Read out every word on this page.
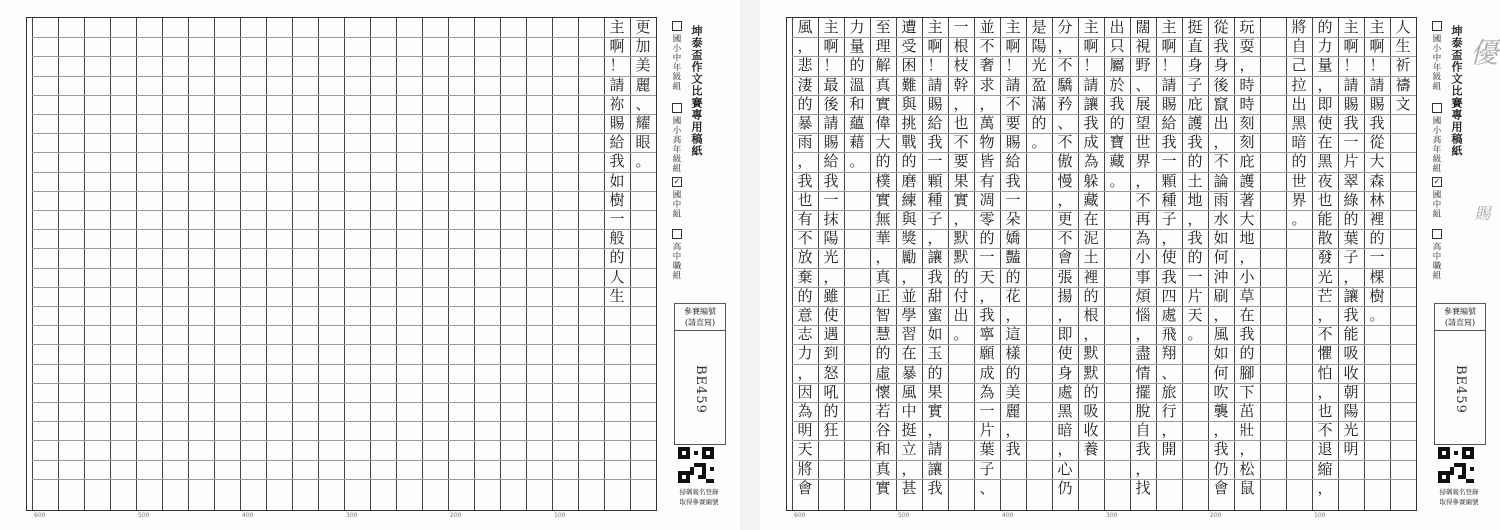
更
加
美
麗
、
耀
眼
。
主
啊
！
請
祢
賜
給
我
如
樹
一
般
的
人
生
坤泰盃作文比賽專用稿紙
國小中年級組
國小高年級組
✓
國中組
高中職組
參賽編號
(請直寫)
BE459
掃碼報名登錄
取得參賽編號
600	500	400	300	200	100
人
生
祈
禱
文
主
啊
！
請
賜
我
從
大
森
林
裡
的
一
棵
樹
。
主
啊
！
請
賜
我
一
片
翠
綠
的
葉
子
，
讓
我
能
吸
收
朝
陽
光
明
的
力
量
，
即
使
在
黑
夜
也
能
散
發
光
芒
，
不
懼
怕
，
也
不
退
縮
，
將
自
己
拉
出
黑
暗
的
世
界
。
玩
耍
，
時
時
刻
刻
庇
護
著
大
地
，
小
草
在
我
的
腳
下
茁
壯
，
松
鼠
從
我
身
後
竄
出
，
不
論
雨
水
如
何
沖
刷
，
風
如
何
吹
襲
，
我
仍
會
挺
直
身
子
庇
護
我
的
土
地
，
我
的
一
片
天
。
主
啊
！
請
賜
給
我
一
顆
種
子
，
使
我
四
處
飛
翔
、
旅
行
，
開
闊
視
野
、
展
望
世
界
，
不
再
為
小
事
煩
惱
，
盡
情
擺
脫
自
我
，
找
出
只
屬
於
我
的
寶
藏
。
主
啊
！
請
讓
我
成
為
躲
藏
在
泥
土
裡
的
根
，
默
默
的
吸
收
養
分
，
不
驕
矜
、
不
傲
慢
，
更
不
會
張
揚
，
即
使
身
處
黑
暗
，
心
仍
是
陽
光
盈
滿
的
。
主
啊
！
請
不
要
賜
給
我
一
朵
嬌
豔
的
花
，
這
樣
的
美
麗
，
我
並
不
奢
求
，
萬
物
皆
有
凋
零
的
一
天
，
我
寧
願
成
為
一
片
葉
子
、
一
根
枝
幹
，
也
不
要
果
實
，
默
默
的
付
出
。
主
啊
！
請
賜
給
我
一
顆
種
子
，
讓
我
甜
蜜
如
玉
的
果
實
，
請
讓
我
遭
受
困
難
與
挑
戰
的
磨
練
與
獎
勵
，
並
學
習
在
暴
風
中
挺
立
，
甚
至
理
解
真
實
偉
大
的
樸
實
無
華
，
真
正
智
慧
的
虛
懷
若
谷
和
真
實
力
量
的
溫
和
蘊
藉
。
主
啊
！
最
後
請
賜
給
我
一
抹
陽
光
，
雖
使
遇
到
怒
吼
的
狂
風
，
悲
淒
的
暴
雨
，
我
也
有
不
放
棄
的
意
志
力
，
因
為
明
天
將
會
坤泰盃作文比賽專用稿紙
國小中年級組
國小高年級組
✓
國中組
高中職組
參賽編號
(請直寫)
BE459
掃碼報名登錄
取得參賽編號
優
賜
600	500	400	300	200	100
